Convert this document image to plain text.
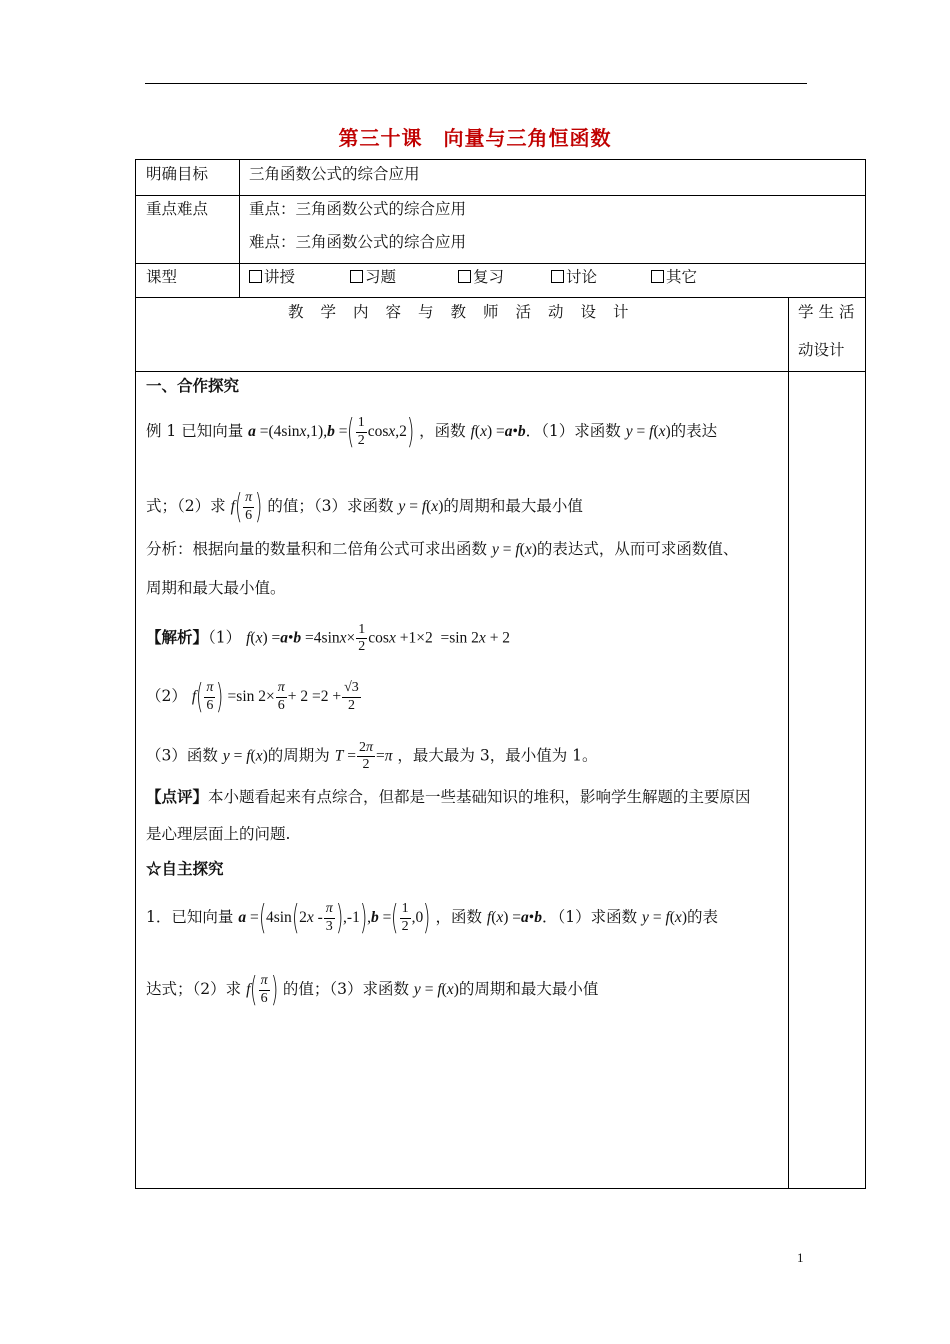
第三十课　向量与三角恒函数
明确目标	三角函数公式的综合应用
重点难点	重点：三角函数公式的综合应用
难点：三角函数公式的综合应用
课型	讲授	习题	复习	讨论	其它
教学内容与教师活动设计	学生活
动设计
一、合作探究
例 1 已知向量 a =(4sinx,1),b =( $\frac{1}{2} \cos x,2$) ，函数 f(x) =a•b．（1）求函数 y = f(x)的表达
式；（2）求 $f( \frac{\pi}{6}$ ) 的值；（3）求函数 y = f(x)的周期和最大最小值
分析：根据向量的数量积和二倍角公式可求出函数 y = f(x)的表达式，从而可求函数值、
周期和最大最小值。
【解析】（1） f(x) =a•b $=4\sin x\times \frac{1}{2}$ cosx +1×2  =sin 2x + 2
（2） $f( \frac{\pi}{6}$ ) =sin $2\times \frac{\pi}{6} + 2 =2 + \frac{√3}{2}$
（3）函数 y = f(x)的周期为 $T = \frac{2\pi}{2} =\pi$ ，最大最为 3，最小值为 1。
【点评】本小题看起来有点综合，但都是一些基础知识的堆积，影响学生解题的主要原因
是心理层面上的问题.
☆自主探究
1．已知向量 $a =(4\sin(2x - \frac{\pi}{3} ),-1),b$ =( $\frac{1}{2} ,0$) ，函数 f(x) =a•b．（1）求函数 y = f(x)的表
达式；（2）求 $f( \frac{\pi}{6}$ ) 的值；（3）求函数 y = f(x)的周期和最大最小值
1
